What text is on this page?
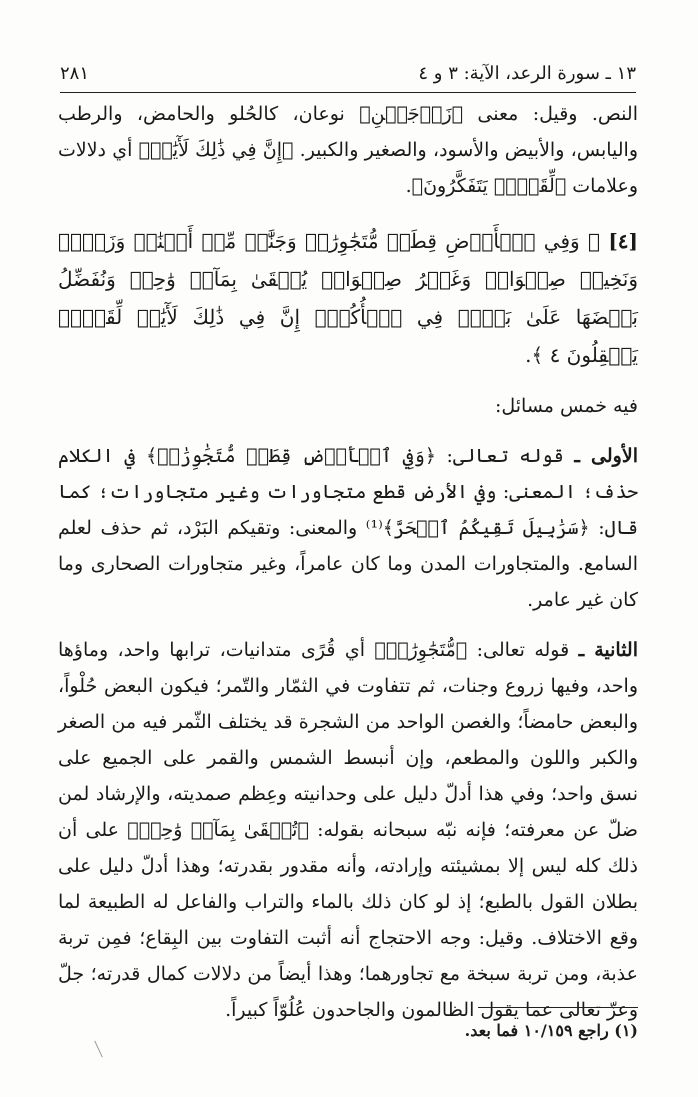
١٣ ـ سورة الرعد، الآية: ٣ و ٤
٢٨١

النص. وقيل: معنى ﴿زَوۡجَيۡنِ﴾ نوعان، كالحُلو والحامض، والرطب واليابس، والأبيض والأسود، والصغير والكبير. ﴿إِنَّ فِي ذَٰلِكَ لَأٓيَٰتٖ﴾ أي دلالات وعلامات ﴿لِّقَوۡمٖ يَتَفَكَّرُونَ﴾.

[٤] ﴿ وَفِي ٱلۡأَرۡضِ قِطَعٞ مُّتَجَٰوِرَٰتٞ وَجَنَّٰتٞ مِّنۡ أَعۡنَٰبٖ وَزَرۡعٞ وَنَخِيلٞ صِنۡوَانٞ وَغَيۡرُ صِنۡوَانٖ يُسۡقَىٰ بِمَآءٖ وَٰحِدٖ وَنُفَضِّلُ بَعۡضَهَا عَلَىٰ بَعۡضٖ فِي ٱلۡأُكُلِۚ إِنَّ فِي ذَٰلِكَ لَأٓيَٰتٖ لِّقَوۡمٖ يَعۡقِلُونَ ٤ ﴾.

فيه خمس مسائل:

الأولى ـ قوله تعالى: ﴿وَفِي ٱلۡأَرۡضِ قِطَعٞ مُّتَجَٰوِرَٰتٞ﴾ في الكلام حذف؛ المعنى: وفي الأرض قطع متجاورات وغير متجاورات؛ كما قال: ﴿سَرَٰبِيلَ تَقِيكُمُ ٱلۡحَرَّ﴾⁽¹⁾ والمعنى: وتقيكم البَرْد، ثم حذف لعلم السامع. والمتجاورات المدن وما كان عامراً، وغير متجاورات الصحارى وما كان غير عامر.

الثانية ـ قوله تعالى: ﴿مُّتَجَٰوِرَٰتٞ﴾ أي قُرًى متدانيات، ترابها واحد، وماؤها واحد، وفيها زروع وجنات، ثم تتفاوت في الثمّار والتّمر؛ فيكون البعض حُلْواً، والبعض حامضاً؛ والغصن الواحد من الشجرة قد يختلف الثّمر فيه من الصغر والكبر واللون والمطعم، وإن أنبسط الشمس والقمر على الجميع على نسق واحد؛ وفي هذا أدلّ دليل على وحدانيته وعِظم صمديته، والإرشاد لمن ضلّ عن معرفته؛ فإنه نبّه سبحانه بقوله: ﴿تُسۡقَىٰ بِمَآءٖ وَٰحِدٖ﴾ على أن ذلك كله ليس إلا بمشيئته وإرادته، وأنه مقدور بقدرته؛ وهذا أدلّ دليل على بطلان القول بالطبع؛ إذ لو كان ذلك بالماء والتراب والفاعل له الطبيعة لما وقع الاختلاف. وقيل: وجه الاحتجاج أنه أثبت التفاوت بين البِقاع؛ فمِن تربة عذبة، ومن تربة سبخة مع تجاورهما؛ وهذا أيضاً من دلالات كمال قدرته؛ جلّ وعزّ تعالى عما يقول الظالمون والجاحدون عُلُوّاً كبيراً.

(١) راجع ١٠/١٥٩ فما بعد.
